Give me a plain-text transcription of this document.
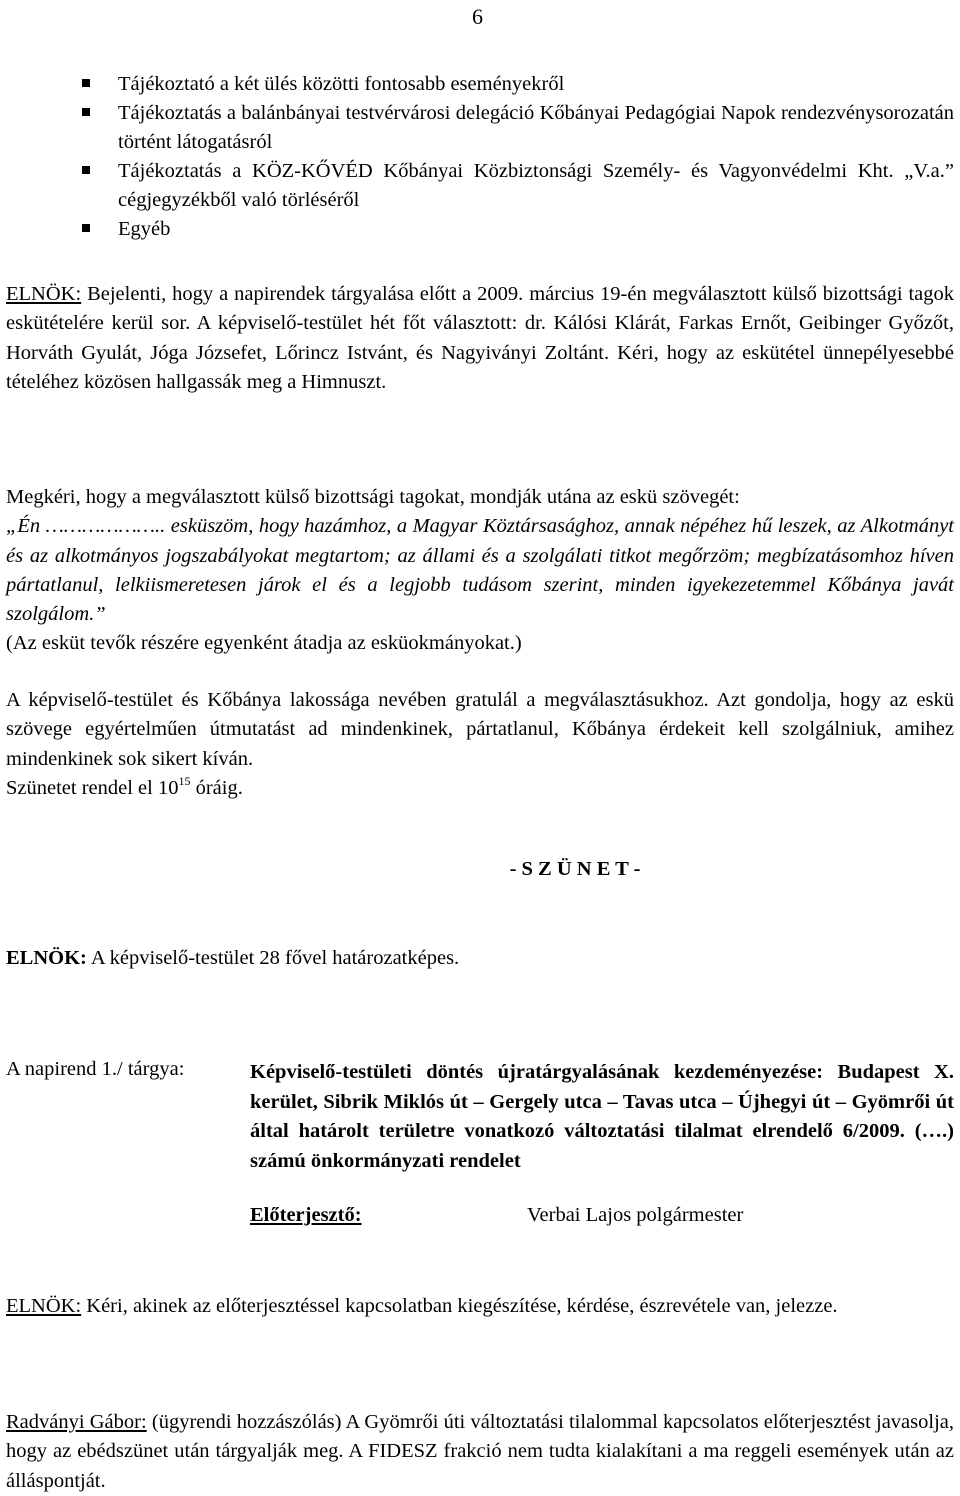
6
Tájékoztató a két ülés közötti fontosabb eseményekről
Tájékoztatás a balánbányai testvérvárosi delegáció Kőbányai Pedagógiai Napok rendezvénysorozatán történt látogatásról
Tájékoztatás a KÖZ-KŐVÉD Kőbányai Közbiztonsági Személy- és Vagyonvédelmi Kht. „V.a.” cégjegyzékből való törléséről
Egyéb
ELNÖK: Bejelenti, hogy a napirendek tárgyalása előtt a 2009. március 19-én megválasztott külső bizottsági tagok eskütételére kerül sor. A képviselő-testület hét főt választott: dr. Kálósi Klárát, Farkas Ernőt, Geibinger Győzőt, Horváth Gyulát, Jóga Józsefet, Lőrincz Istvánt, és Nagyiványi Zoltánt. Kéri, hogy az eskütétel ünnepélyesebbé tételéhez közösen hallgassák meg a Himnuszt.
Megkéri, hogy a megválasztott külső bizottsági tagokat, mondják utána az eskü szövegét:
„Én ……………….. esküszöm, hogy hazámhoz, a Magyar Köztársasághoz, annak népéhez hű leszek, az Alkotmányt és az alkotmányos jogszabályokat megtartom; az állami és a szolgálati titkot megőrzöm; megbízatásomhoz híven pártatlanul, lelkiismeretesen járok el és a legjobb tudásom szerint, minden igyekezetemmel Kőbánya javát szolgálom.”
(Az esküt tevők részére egyenként átadja az esküokmányokat.)
A képviselő-testület és Kőbánya lakossága nevében gratulál a megválasztásukhoz. Azt gondolja, hogy az eskü szövege egyértelműen útmutatást ad mindenkinek, pártatlanul, Kőbánya érdekeit kell szolgálniuk, amihez mindenkinek sok sikert kíván.
Szünetet rendel el $10^{15}$ óráig.
- S Z Ü N E T -
ELNÖK: A képviselő-testület 28 fővel határozatképes.
A napirend 1./ tárgya:	Képviselő-testületi döntés újratárgyalásának kezdeményezése: Budapest X. kerület, Sibrik Miklós út – Gergely utca – Tavas utca – Újhegyi út – Gyömrői út által határolt területre vonatkozó változtatási tilalmat elrendelő 6/2009. (….) számú önkormányzati rendelet
Előterjesztő:	Verbai Lajos polgármester
ELNÖK: Kéri, akinek az előterjesztéssel kapcsolatban kiegészítése, kérdése, észrevétele van, jelezze.
Radványi Gábor: (ügyrendi hozzászólás) A Gyömrői úti változtatási tilalommal kapcsolatos előterjesztést javasolja, hogy az ebédszünet után tárgyalják meg. A FIDESZ frakció nem tudta kialakítani a ma reggeli események után az álláspontját.
